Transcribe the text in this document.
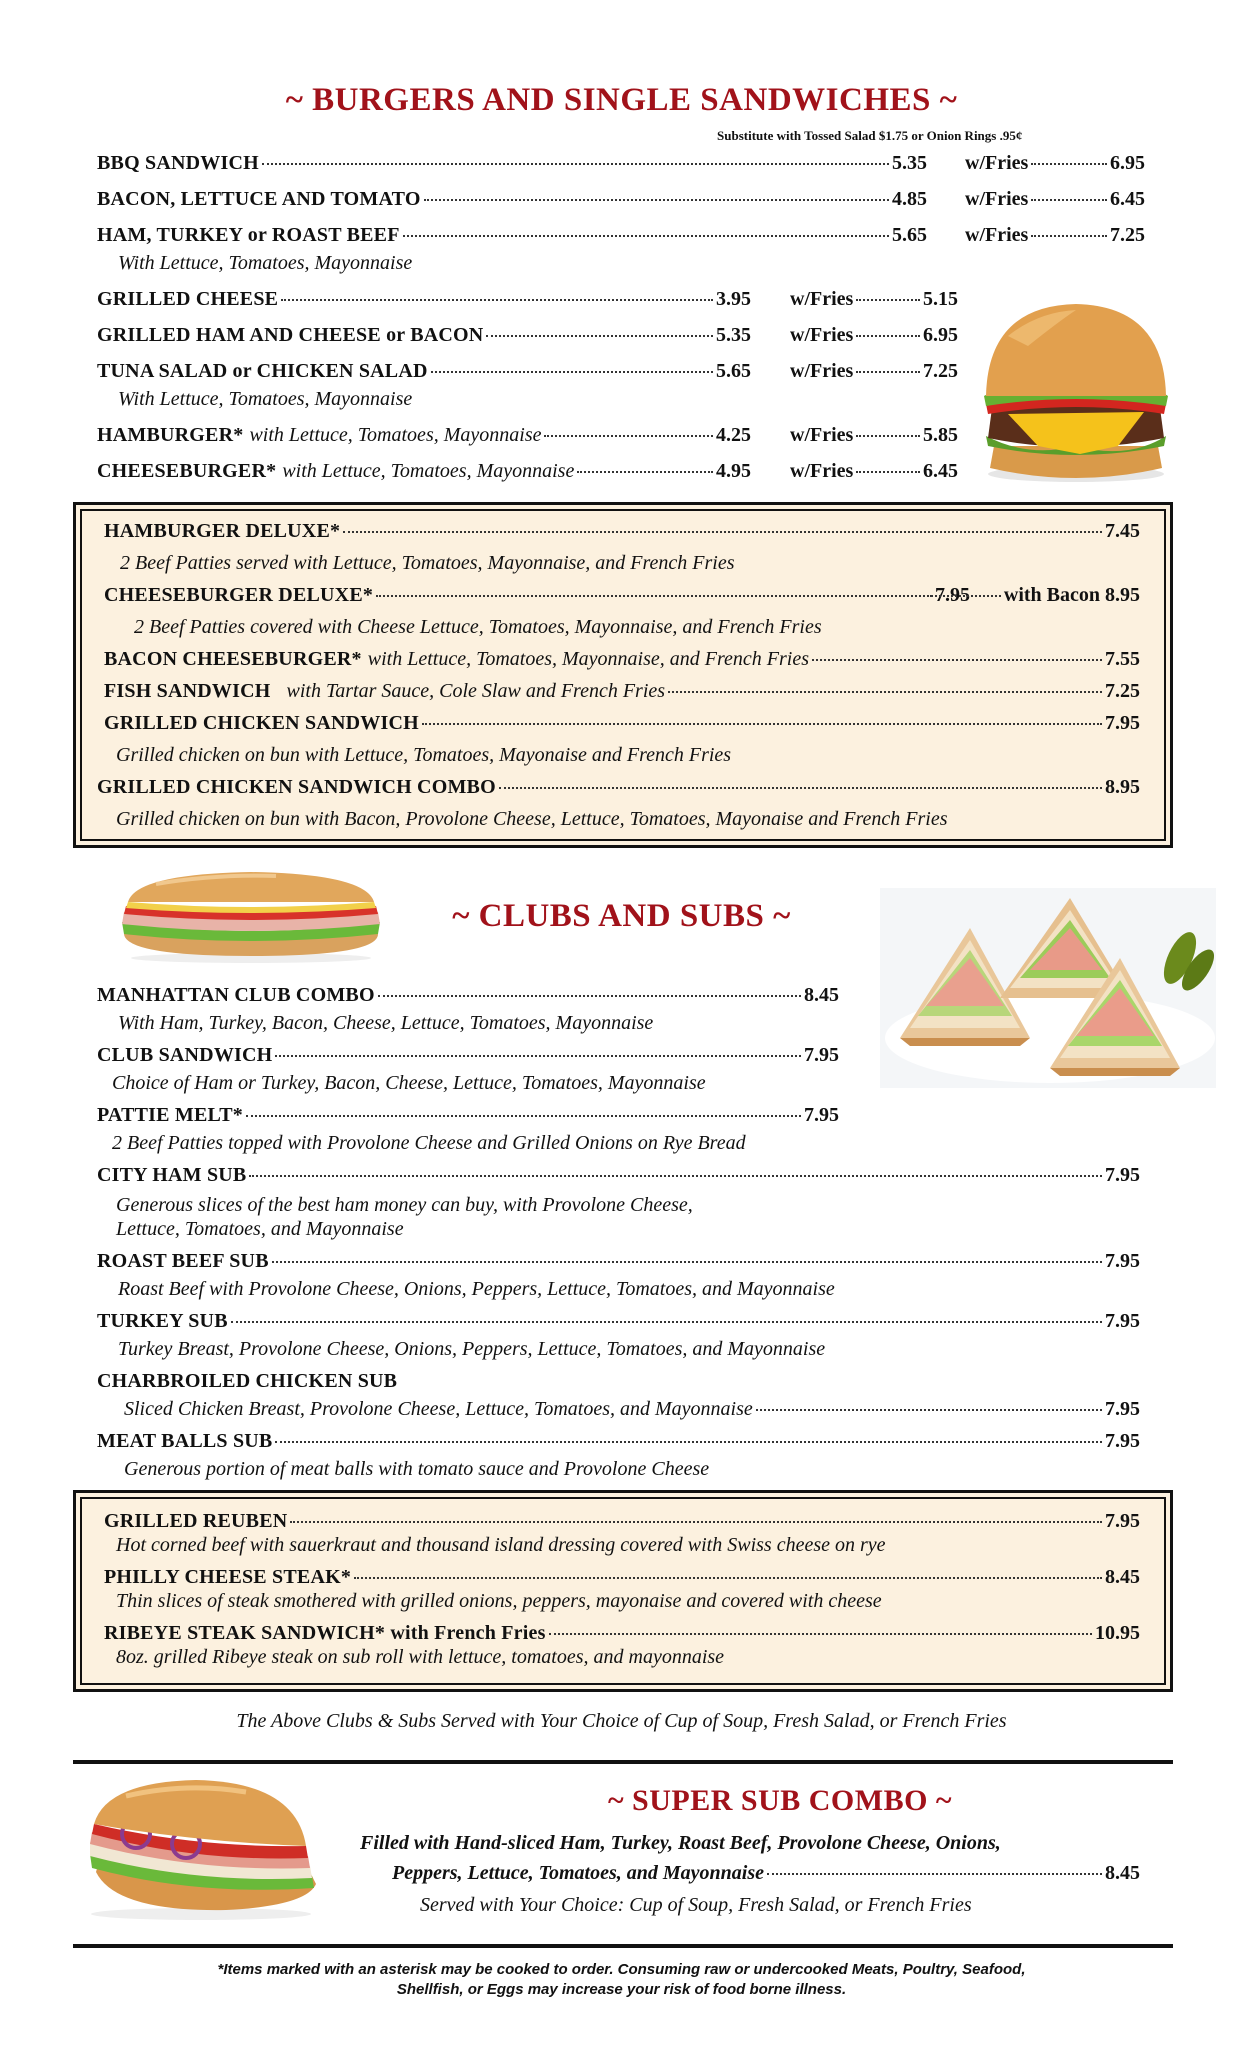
~ BURGERS AND SINGLE SANDWICHES ~
Substitute with Tossed Salad $1.75 or Onion Rings .95¢
BBQ SANDWICH	5.35 w/Fries	6.95
BACON, LETTUCE AND TOMATO	4.85 w/Fries	6.45
HAM, TURKEY or ROAST BEEF	5.65 w/Fries	7.25
With Lettuce, Tomatoes, Mayonnaise
GRILLED CHEESE	3.95 w/Fries	5.15
GRILLED HAM AND CHEESE or BACON	5.35 w/Fries	6.95
TUNA SALAD or CHICKEN SALAD	5.65 w/Fries	7.25
With Lettuce, Tomatoes, Mayonnaise
HAMBURGER* with Lettuce, Tomatoes, Mayonnaise	4.25 w/Fries	5.85
CHEESEBURGER* with Lettuce, Tomatoes, Mayonnaise	4.95 w/Fries	6.45
HAMBURGER DELUXE*	7.45
2 Beef Patties served with Lettuce, Tomatoes, Mayonnaise, and French Fries
CHEESEBURGER DELUXE*	7.95 with Bacon 8.95
2 Beef Patties covered with Cheese Lettuce, Tomatoes, Mayonnaise, and French Fries
BACON CHEESEBURGER* with Lettuce, Tomatoes, Mayonnaise, and French Fries	7.55
FISH SANDWICH with Tartar Sauce, Cole Slaw and French Fries	7.25
GRILLED CHICKEN SANDWICH	7.95
Grilled chicken on bun with Lettuce, Tomatoes, Mayonaise and French Fries
GRILLED CHICKEN SANDWICH COMBO	8.95
Grilled chicken on bun with Bacon, Provolone Cheese, Lettuce, Tomatoes, Mayonaise and French Fries
~ CLUBS AND SUBS ~
MANHATTAN CLUB COMBO	8.45
With Ham, Turkey, Bacon, Cheese, Lettuce, Tomatoes, Mayonnaise
CLUB SANDWICH	7.95
Choice of Ham or Turkey, Bacon, Cheese, Lettuce, Tomatoes, Mayonnaise
PATTIE MELT*	7.95
2 Beef Patties topped with Provolone Cheese and Grilled Onions on Rye Bread
CITY HAM SUB	7.95
Generous slices of the best ham money can buy, with Provolone Cheese,
Lettuce, Tomatoes, and Mayonnaise
ROAST BEEF SUB	7.95
Roast Beef with Provolone Cheese, Onions, Peppers, Lettuce, Tomatoes, and Mayonnaise
TURKEY SUB	7.95
Turkey Breast, Provolone Cheese, Onions, Peppers, Lettuce, Tomatoes, and Mayonnaise
CHARBROILED CHICKEN SUB
Sliced Chicken Breast, Provolone Cheese, Lettuce, Tomatoes, and Mayonnaise	7.95
MEAT BALLS SUB	7.95
Generous portion of meat balls with tomato sauce and Provolone Cheese
GRILLED REUBEN	7.95
Hot corned beef with sauerkraut and thousand island dressing covered with Swiss cheese on rye
PHILLY CHEESE STEAK*	8.45
Thin slices of steak smothered with grilled onions, peppers, mayonaise and covered with cheese
RIBEYE STEAK SANDWICH* with French Fries	10.95
8oz. grilled Ribeye steak on sub roll with lettuce, tomatoes, and mayonnaise
The Above Clubs & Subs Served with Your Choice of Cup of Soup, Fresh Salad, or French Fries
~ SUPER SUB COMBO ~
Filled with Hand-sliced Ham, Turkey, Roast Beef, Provolone Cheese, Onions,
Peppers, Lettuce, Tomatoes, and Mayonnaise	8.45
Served with Your Choice: Cup of Soup, Fresh Salad, or French Fries
*Items marked with an asterisk may be cooked to order. Consuming raw or undercooked Meats, Poultry, Seafood,
Shellfish, or Eggs may increase your risk of food borne illness.
